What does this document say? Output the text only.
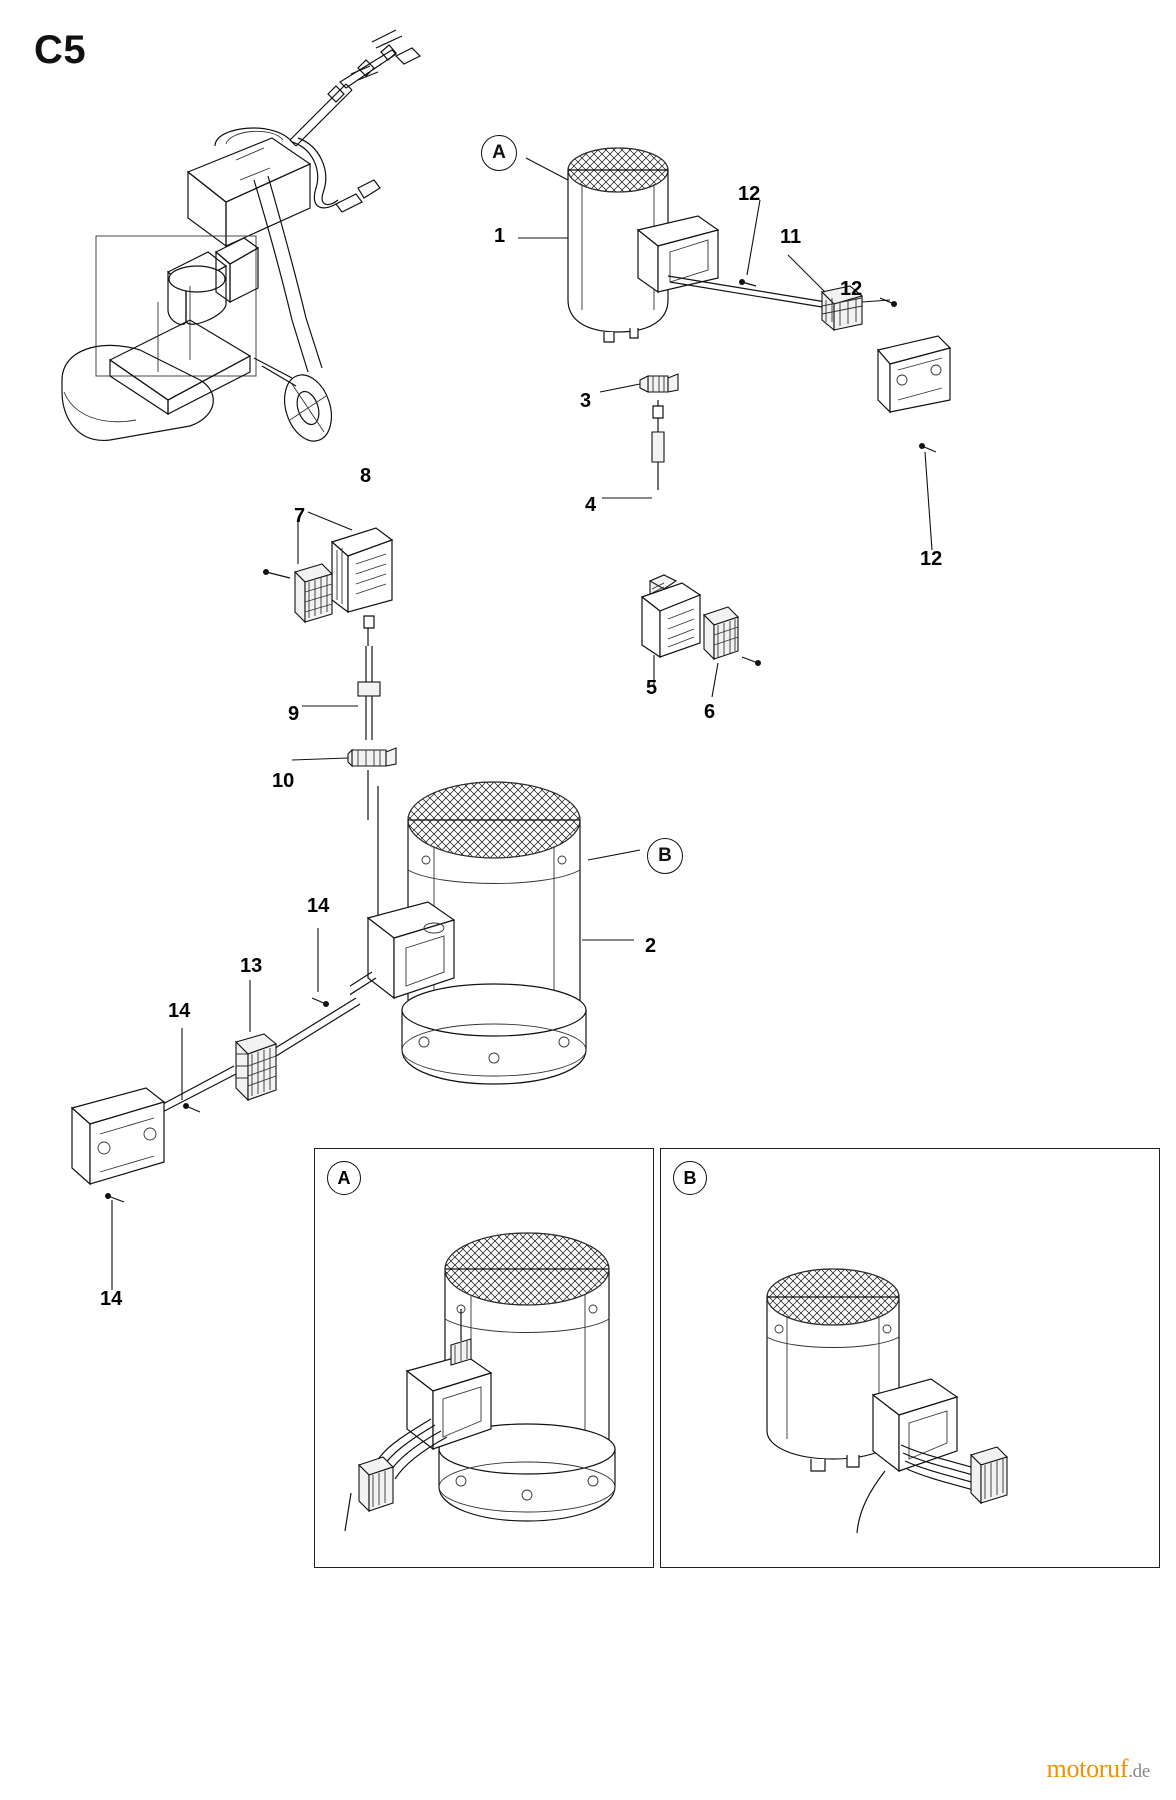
C5
A
1
12
11
12
12
3
4
8
7
9
10
5
6
B
2
13
14
14
14
A	B
motoruf.de
